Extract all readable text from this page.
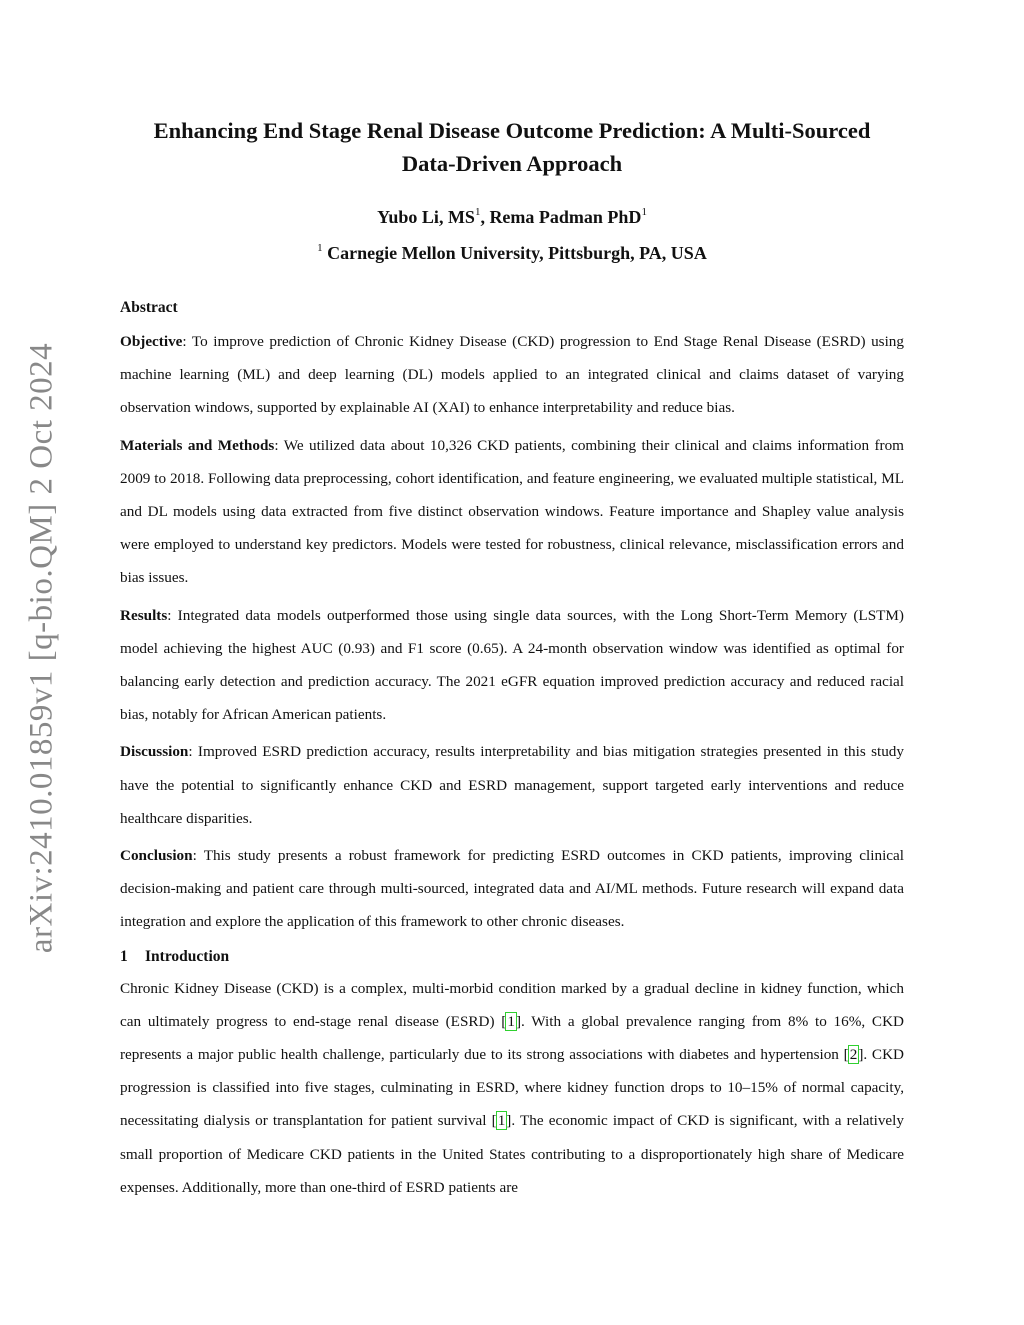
arXiv:2410.01859v1 [q-bio.QM] 2 Oct 2024
Enhancing End Stage Renal Disease Outcome Prediction: A Multi-Sourced
Data-Driven Approach
Yubo Li, $MS^1$, Rema Padman PhD$^1$
$^1$ Carnegie Mellon University, Pittsburgh, PA, USA
Abstract

Objective: To improve prediction of Chronic Kidney Disease (CKD) progression to End Stage Renal Disease (ESRD) using machine learning (ML) and deep learning (DL) models applied to an integrated clinical and claims dataset of varying observation windows, supported by explainable AI (XAI) to enhance interpretability and reduce bias.

Materials and Methods: We utilized data about 10,326 CKD patients, combining their clinical and claims information from 2009 to 2018. Following data preprocessing, cohort identification, and feature engineering, we evaluated multiple statistical, ML and DL models using data extracted from five distinct observation windows. Feature importance and Shapley value analysis were employed to understand key predictors. Models were tested for robustness, clinical relevance, misclassification errors and bias issues.

Results: Integrated data models outperformed those using single data sources, with the Long Short-Term Memory (LSTM) model achieving the highest AUC (0.93) and F1 score (0.65). A 24-month observation window was identified as optimal for balancing early detection and prediction accuracy. The 2021 eGFR equation improved prediction accuracy and reduced racial bias, notably for African American patients.

Discussion: Improved ESRD prediction accuracy, results interpretability and bias mitigation strategies presented in this study have the potential to significantly enhance CKD and ESRD management, support targeted early interventions and reduce healthcare disparities.

Conclusion: This study presents a robust framework for predicting ESRD outcomes in CKD patients, improving clinical decision-making and patient care through multi-sourced, integrated data and AI/ML methods. Future research will expand data integration and explore the application of this framework to other chronic diseases.

1 Introduction

Chronic Kidney Disease (CKD) is a complex, multi-morbid condition marked by a gradual decline in kidney function, which can ultimately progress to end-stage renal disease (ESRD) [1]. With a global prevalence ranging from 8% to 16%, CKD represents a major public health challenge, particularly due to its strong associations with diabetes and hypertension [2]. CKD progression is classified into five stages, culminating in ESRD, where kidney function drops to 10–15% of normal capacity, necessitating dialysis or transplantation for patient survival [1]. The economic impact of CKD is significant, with a relatively small proportion of Medicare CKD patients in the United States contributing to a disproportionately high share of Medicare expenses. Additionally, more than one-third of ESRD patients are
